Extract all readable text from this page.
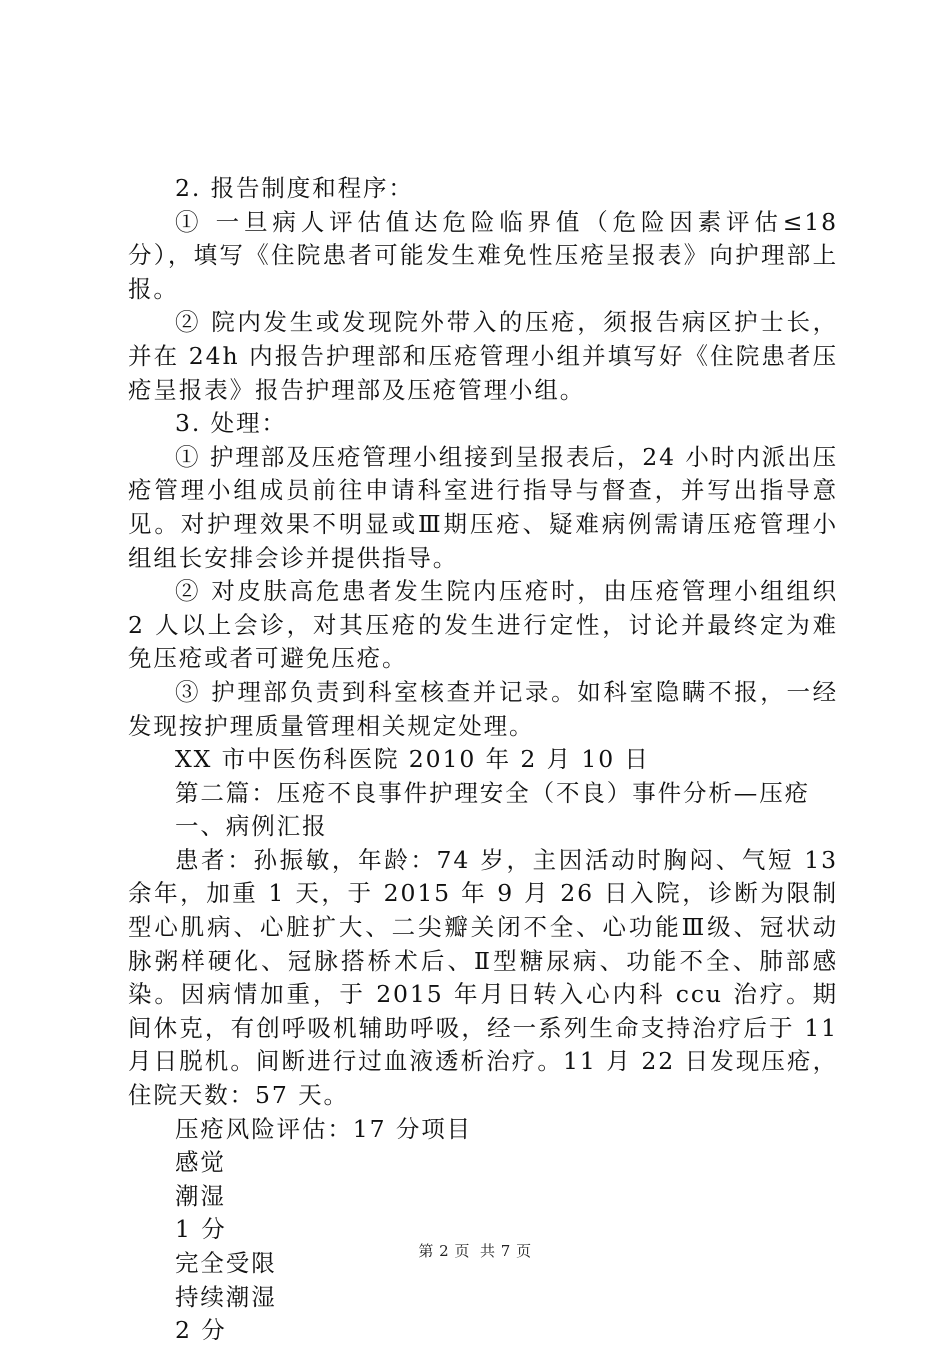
2. 报告制度和程序：

① 一旦病人评估值达危险临界值（危险因素评估≤18 分），填写《住院患者可能发生难免性压疮呈报表》向护理部上报。

② 院内发生或发现院外带入的压疮，须报告病区护士长，并在 24h 内报告护理部和压疮管理小组并填写好《住院患者压疮呈报表》报告护理部及压疮管理小组。

3. 处理：

① 护理部及压疮管理小组接到呈报表后，24 小时内派出压疮管理小组成员前往申请科室进行指导与督查，并写出指导意见。对护理效果不明显或Ⅲ期压疮、疑难病例需请压疮管理小组组长安排会诊并提供指导。

② 对皮肤高危患者发生院内压疮时，由压疮管理小组组织 2 人以上会诊，对其压疮的发生进行定性，讨论并最终定为难免压疮或者可避免压疮。

③ 护理部负责到科室核查并记录。如科室隐瞒不报，一经发现按护理质量管理相关规定处理。

XX 市中医伤科医院 2010 年 2 月 10 日

第二篇：压疮不良事件护理安全（不良）事件分析—压疮

一、病例汇报

患者：孙振敏，年龄：74 岁，主因活动时胸闷、气短 13 余年，加重 1 天，于 2015 年 9 月 26 日入院，诊断为限制型心肌病、心脏扩大、二尖瓣关闭不全、心功能Ⅲ级、冠状动脉粥样硬化、冠脉搭桥术后、Ⅱ型糖尿病、功能不全、肺部感染。因病情加重，于 2015 年月日转入心内科 ccu 治疗。期间休克，有创呼吸机辅助呼吸，经一系列生命支持治疗后于 11 月日脱机。间断进行过血液透析治疗。11 月 22 日发现压疮，住院天数：57 天。

压疮风险评估：17 分项目

感觉

潮湿

1 分

完全受限

持续潮湿

2 分

第 2 页 共 7 页
